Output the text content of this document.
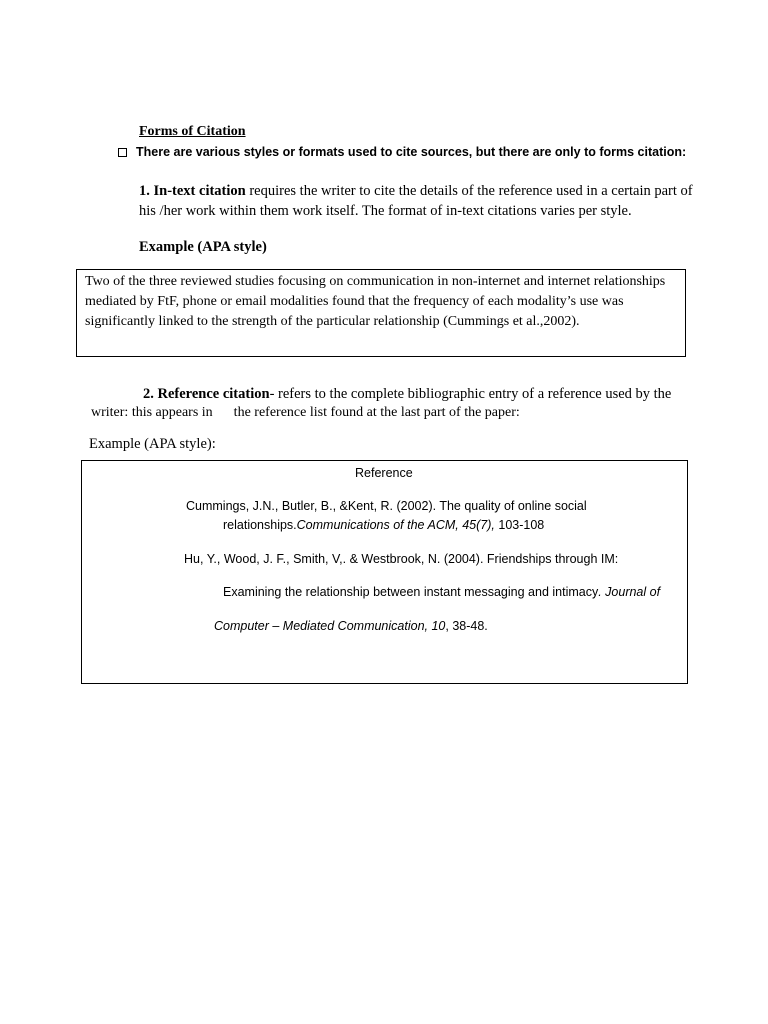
Forms of Citation
There are various styles or formats used to cite sources, but there are only to forms citation:
1. In-text citation requires the writer to cite the details of the reference used in a certain part of
his /her work within them work itself. The format of in-text citations varies per style.
Example (APA style)
Two of the three reviewed studies focusing on communication in non-internet and internet relationships
mediated by FtF, phone or email modalities found that the frequency of each modality’s use was
significantly linked to the strength of the particular relationship (Cummings et al.,2002).
2. Reference citation- refers to the complete bibliographic entry of a reference used by the
writer: this appears in      the reference list found at the last part of the paper:
Example (APA style):
Reference
Cummings, J.N., Butler, B., &Kent, R. (2002). The quality of online social
relationships.Communications of the ACM, 45(7), 103-108
Hu, Y., Wood, J. F., Smith, V,. & Westbrook, N. (2004). Friendships through IM:
Examining the relationship between instant messaging and intimacy. Journal of
Computer – Mediated Communication, 10, 38-48.
